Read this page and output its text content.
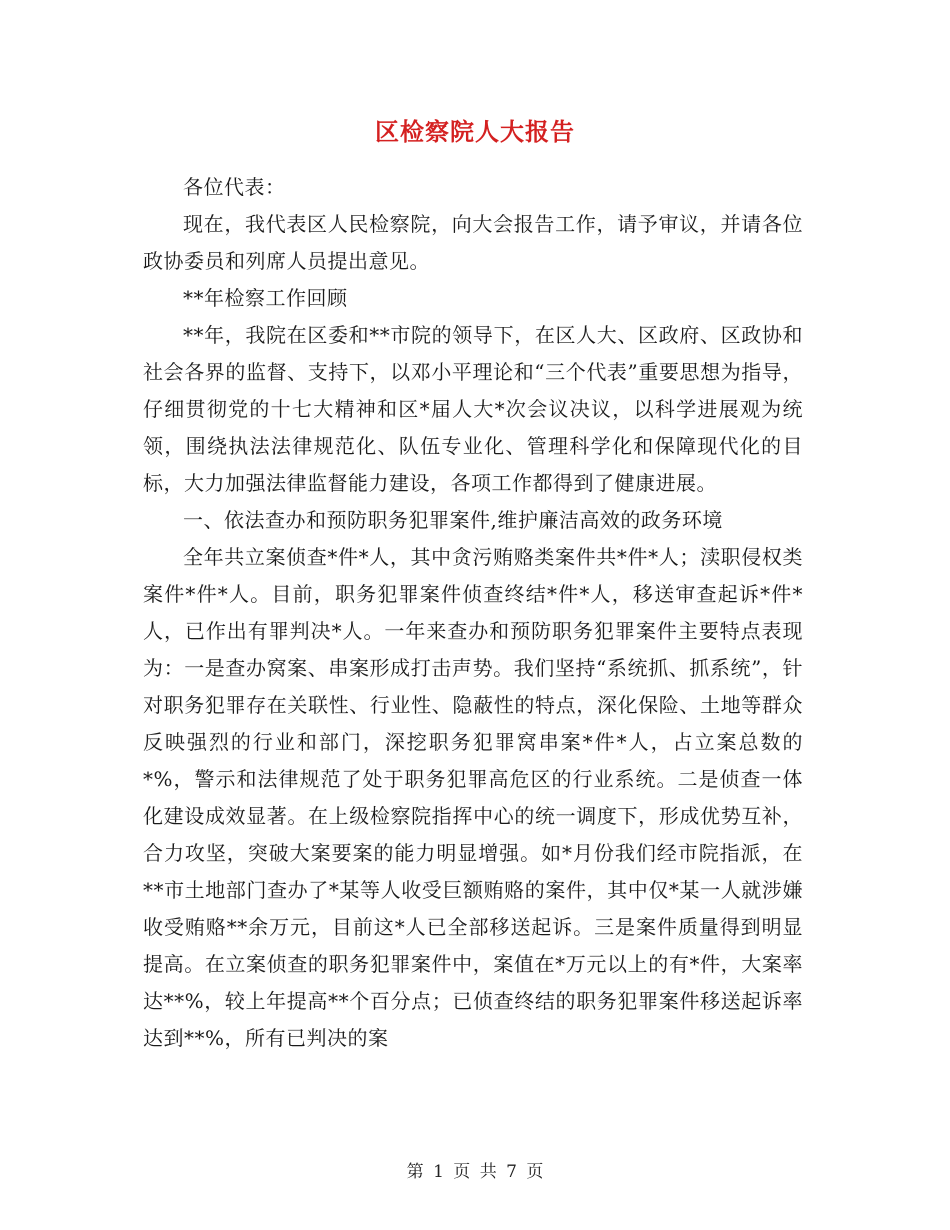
区检察院人大报告

各位代表：

现在，我代表区人民检察院，向大会报告工作，请予审议，并请各位政协委员和列席人员提出意见。

**年检察工作回顾

**年，我院在区委和**市院的领导下，在区人大、区政府、区政协和社会各界的监督、支持下，以邓小平理论和“三个代表”重要思想为指导，仔细贯彻党的十七大精神和区*届人大*次会议决议，以科学进展观为统领，围绕执法法律规范化、队伍专业化、管理科学化和保障现代化的目标，大力加强法律监督能力建设，各项工作都得到了健康进展。

一、依法查办和预防职务犯罪案件,维护廉洁高效的政务环境

全年共立案侦查*件*人，其中贪污贿赂类案件共*件*人；渎职侵权类案件*件*人。目前，职务犯罪案件侦查终结*件*人，移送审查起诉*件*人，已作出有罪判决*人。一年来查办和预防职务犯罪案件主要特点表现为：一是查办窝案、串案形成打击声势。我们坚持“系统抓、抓系统”，针对职务犯罪存在关联性、行业性、隐蔽性的特点，深化保险、土地等群众反映强烈的行业和部门，深挖职务犯罪窝串案*件*人，占立案总数的*%，警示和法律规范了处于职务犯罪高危区的行业系统。二是侦查一体化建设成效显著。在上级检察院指挥中心的统一调度下，形成优势互补，合力攻坚，突破大案要案的能力明显增强。如*月份我们经市院指派，在**市土地部门查办了*某等人收受巨额贿赂的案件，其中仅*某一人就涉嫌收受贿赂**余万元，目前这*人已全部移送起诉。三是案件质量得到明显提高。在立案侦查的职务犯罪案件中，案值在*万元以上的有*件，大案率达**%，较上年提高**个百分点；已侦查终结的职务犯罪案件移送起诉率达到**%，所有已判决的案

第 1 页 共 7 页
